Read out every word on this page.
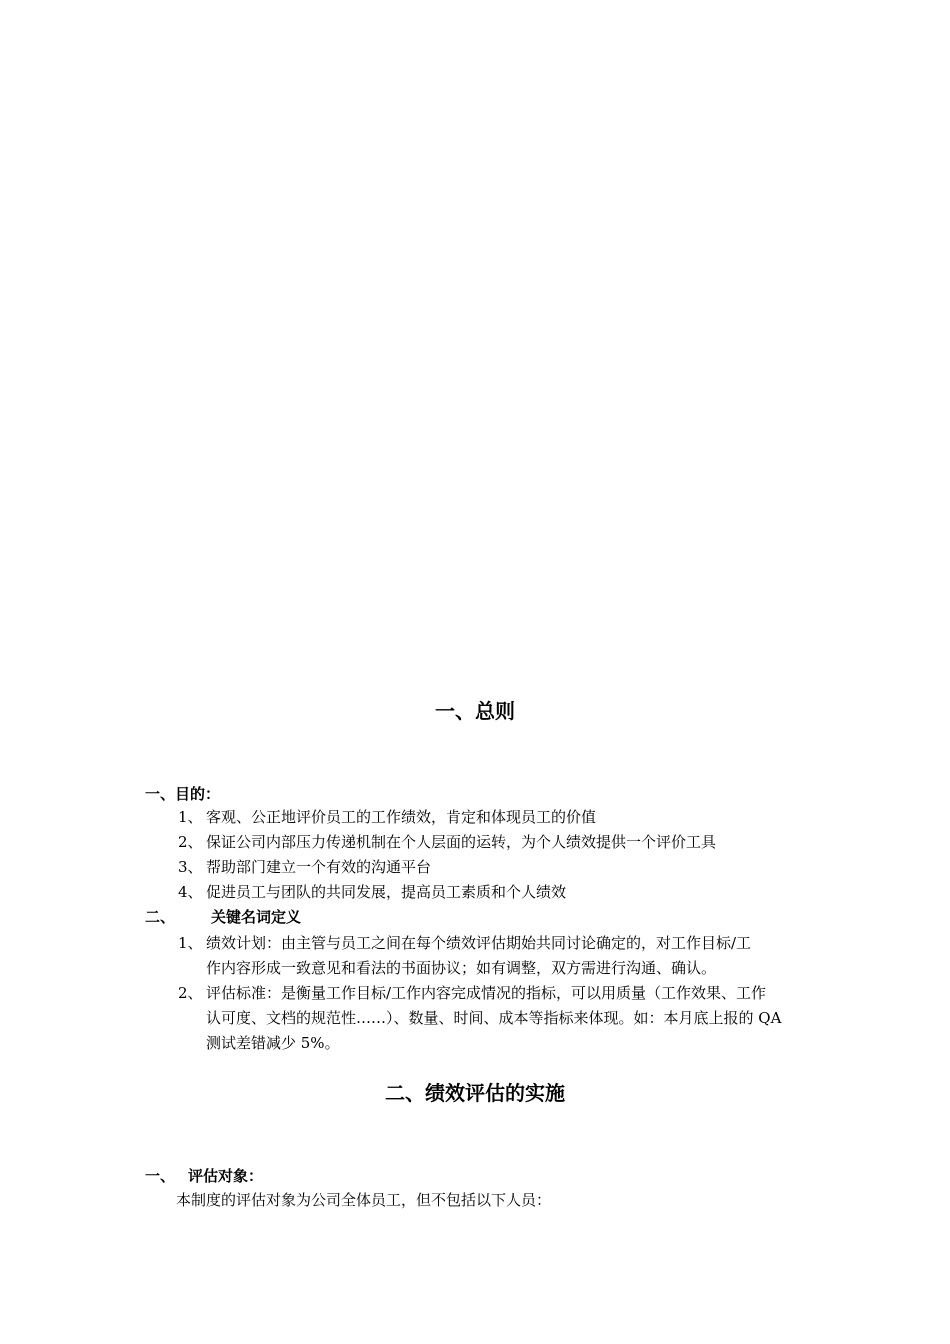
一、总则
一、目的：
1、 客观、公正地评价员工的工作绩效，肯定和体现员工的价值
2、 保证公司内部压力传递机制在个人层面的运转，为个人绩效提供一个评价工具
3、 帮助部门建立一个有效的沟通平台
4、 促进员工与团队的共同发展，提高员工素质和个人绩效
二、 关键名词定义
1、 绩效计划：由主管与员工之间在每个绩效评估期始共同讨论确定的，对工作目标/工
作内容形成一致意见和看法的书面协议；如有调整，双方需进行沟通、确认。
2、 评估标准：是衡量工作目标/工作内容完成情况的指标，可以用质量（工作效果、工作
认可度、文档的规范性……）、数量、时间、成本等指标来体现。如：本月底上报的 QA
测试差错减少 5%。
二、绩效评估的实施
一、 评估对象：
本制度的评估对象为公司全体员工，但不包括以下人员：
